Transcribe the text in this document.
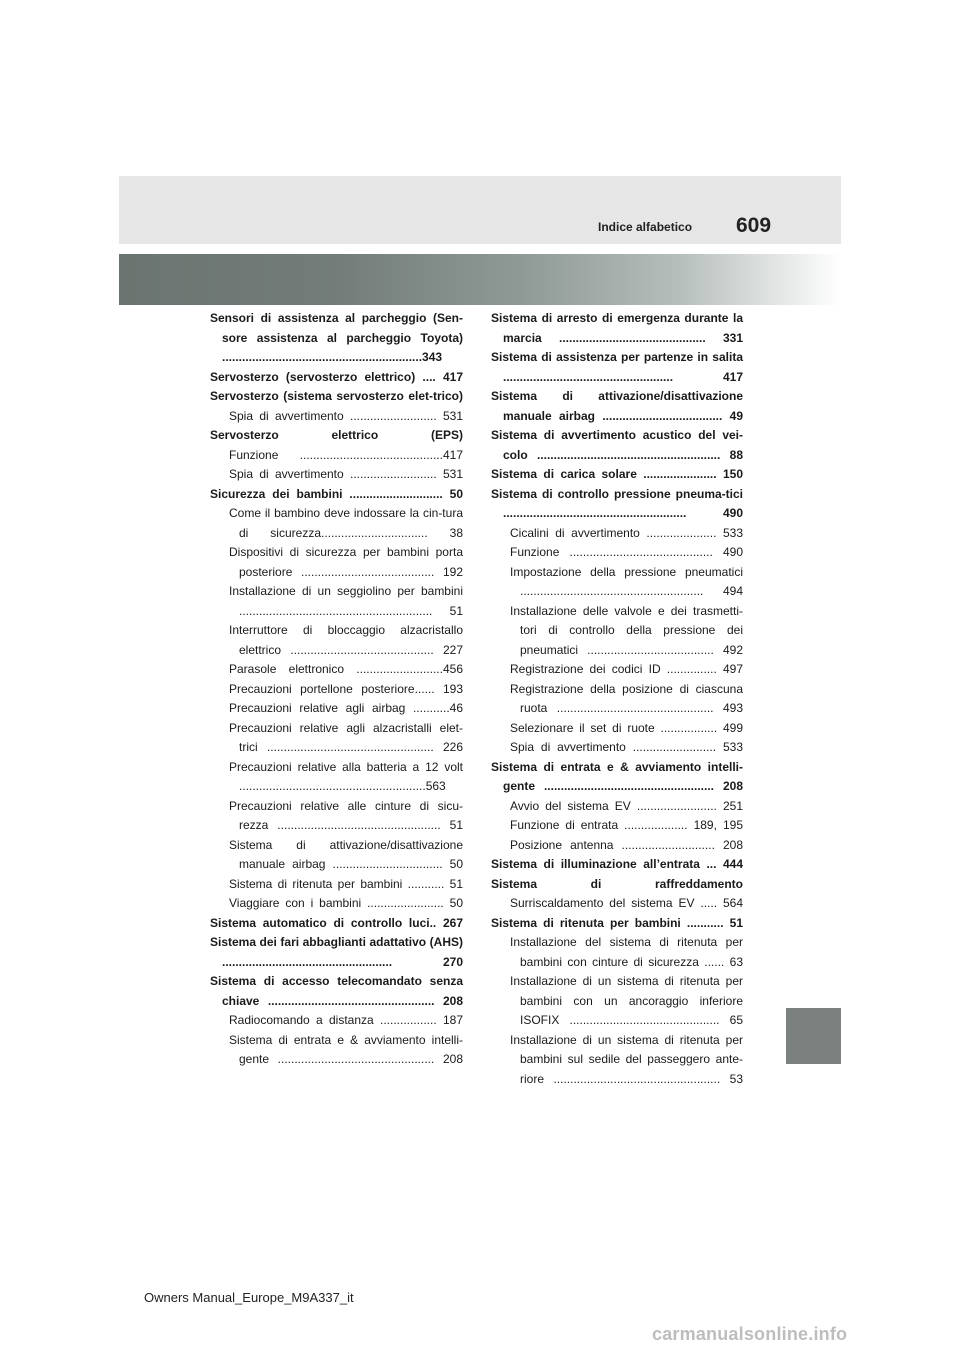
Indice alfabetico 609
Sensori di assistenza al parcheggio (Sen-sore assistenza al parcheggio Toyota) ............................................................343
Servosterzo (servosterzo elettrico) .... 417
Servosterzo (sistema servosterzo elet-trico)
Spia di avvertimento .......................... 531
Servosterzo elettrico (EPS)
Funzione ...........................................417
Spia di avvertimento .......................... 531
Sicurezza dei bambini ............................ 50
Come il bambino deve indossare la cin-tura di sicurezza................................ 38
Dispositivi di sicurezza per bambini porta posteriore ........................................ 192
Installazione di un seggiolino per bambini .......................................................... 51
Interruttore di bloccaggio alzacristallo elettrico ........................................... 227
Parasole elettronico ..........................456
Precauzioni portellone posteriore...... 193
Precauzioni relative agli airbag ...........46
Precauzioni relative agli alzacristalli elet-trici .................................................. 226
Precauzioni relative alla batteria a 12 volt ........................................................563
Precauzioni relative alle cinture di sicu-rezza ................................................. 51
Sistema di attivazione/disattivazione manuale airbag ................................. 50
Sistema di ritenuta per bambini ........... 51
Viaggiare con i bambini ....................... 50
Sistema automatico di controllo luci.. 267
Sistema dei fari abbaglianti adattativo (AHS) ................................................... 270
Sistema di accesso telecomandato senza chiave .................................................. 208
Radiocomando a distanza ................. 187
Sistema di entrata e & avviamento intelli-gente ............................................... 208
Sistema di arresto di emergenza durante la marcia ............................................ 331
Sistema di assistenza per partenze in salita ................................................... 417
Sistema di attivazione/disattivazione manuale airbag .................................... 49
Sistema di avvertimento acustico del vei-colo ....................................................... 88
Sistema di carica solare ...................... 150
Sistema di controllo pressione pneuma-tici ....................................................... 490
Cicalini di avvertimento ..................... 533
Funzione ........................................... 490
Impostazione della pressione pneumatici ....................................................... 494
Installazione delle valvole e dei trasmetti-tori di controllo della pressione dei pneumatici ...................................... 492
Registrazione dei codici ID ............... 497
Registrazione della posizione di ciascuna ruota ............................................... 493
Selezionare il set di ruote ................. 499
Spia di avvertimento ......................... 533
Sistema di entrata e & avviamento intelli-gente ................................................... 208
Avvio del sistema EV ........................ 251
Funzione di entrata ................... 189, 195
Posizione antenna ............................ 208
Sistema di illuminazione all’entrata ... 444
Sistema di raffreddamento
Surriscaldamento del sistema EV ..... 564
Sistema di ritenuta per bambini ........... 51
Installazione del sistema di ritenuta per bambini con cinture di sicurezza ...... 63
Installazione di un sistema di ritenuta per bambini con un ancoraggio inferiore ISOFIX ............................................. 65
Installazione di un sistema di ritenuta per bambini sul sedile del passeggero ante-riore .................................................. 53
Owners Manual_Europe_M9A337_it
carmanualsonline.info
